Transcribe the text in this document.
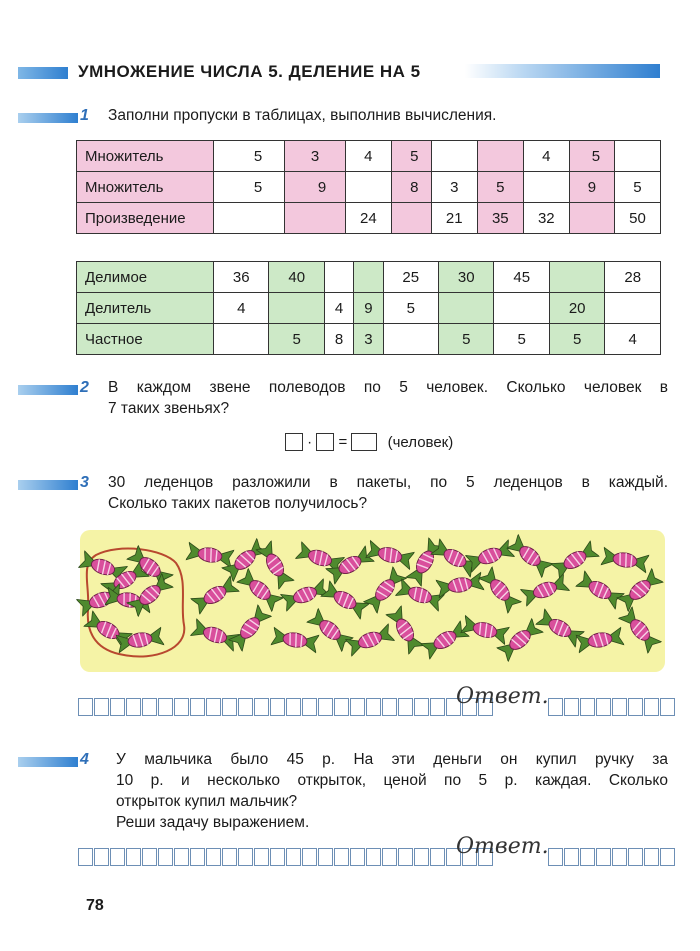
УМНОЖЕНИЕ ЧИСЛА 5. ДЕЛЕНИЕ НА 5
1 Заполни пропуски в таблицах, выполнив вычисления.
Множитель	5	3	4	5			4	5	
Множитель	5	9		8	3	5		9	5
Произведение			24		21	35	32		50
Делимое	36	40			25	30	45		28
Делитель	4		4	9	5			20	
Частное		5	8	3		5	5	5	4
2 В каждом звене полеводов по 5 человек. Сколько человек в
7 таких звеньях?
· =	(человек)
3 30 леденцов разложили в пакеты, по 5 леденцов в каждый.
Сколько таких пакетов получилось?
Ответ.
4 У мальчика было 45 р. На эти деньги он купил ручку за
10 р. и несколько открыток, ценой по 5 р. каждая. Сколько
открыток купил мальчик?
Реши задачу выражением.
Ответ.
78
